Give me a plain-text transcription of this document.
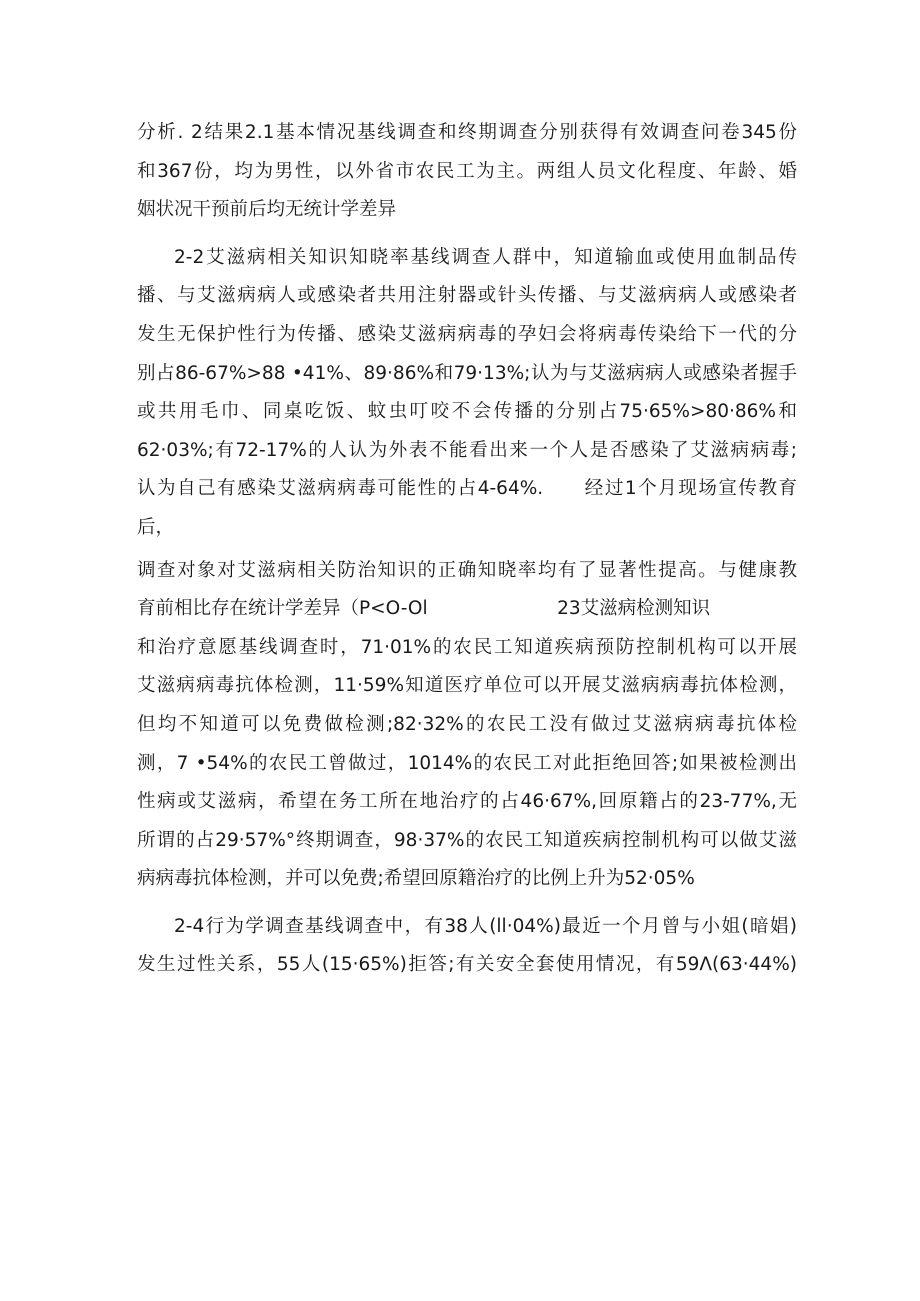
分析. 2结果2.1基本情况基线调查和终期调查分别获得有效调查问卷345份
和367份，均为男性，以外省市农民工为主。两组人员文化程度、年龄、婚
姻状况干预前后均无统计学差异
2-2艾滋病相关知识知晓率基线调查人群中，知道输血或使用血制品传
播、与艾滋病病人或感染者共用注射器或针头传播、与艾滋病病人或感染者
发生无保护性行为传播、感染艾滋病病毒的孕妇会将病毒传染给下一代的分
别占86-67%>88 •41%、89·86%和79·13%;认为与艾滋病病人或感染者握手
或共用毛巾、同桌吃饭、蚊虫叮咬不会传播的分别占75·65%>80·86%和
62·03%;有72-17%的人认为外表不能看出来一个人是否感染了艾滋病病毒;
认为自己有感染艾滋病病毒可能性的占4-64%.　　经过1个月现场宣传教育
后，
调查对象对艾滋病相关防治知识的正确知晓率均有了显著性提高。与健康教
育前相比存在统计学差异（P<O-Ol　　　　　　　23艾滋病检测知识
和治疗意愿基线调查时，71·01%的农民工知道疾病预防控制机构可以开展
艾滋病病毒抗体检测，11·59%知道医疗单位可以开展艾滋病病毒抗体检测，
但均不知道可以免费做检测;82·32%的农民工没有做过艾滋病病毒抗体检
测，7 •54%的农民工曾做过，1014%的农民工对此拒绝回答;如果被检测出
性病或艾滋病，希望在务工所在地治疗的占46·67%,回原籍占的23-77%,无
所谓的占29·57%°终期调查，98·37%的农民工知道疾病控制机构可以做艾滋
病病毒抗体检测，并可以免费;希望回原籍治疗的比例上升为52·05%
2-4行为学调查基线调查中，有38人(ll·04%)最近一个月曾与小姐(暗娼)
发生过性关系，55人(15·65%)拒答;有关安全套使用情况，有59Λ(63·44%)
